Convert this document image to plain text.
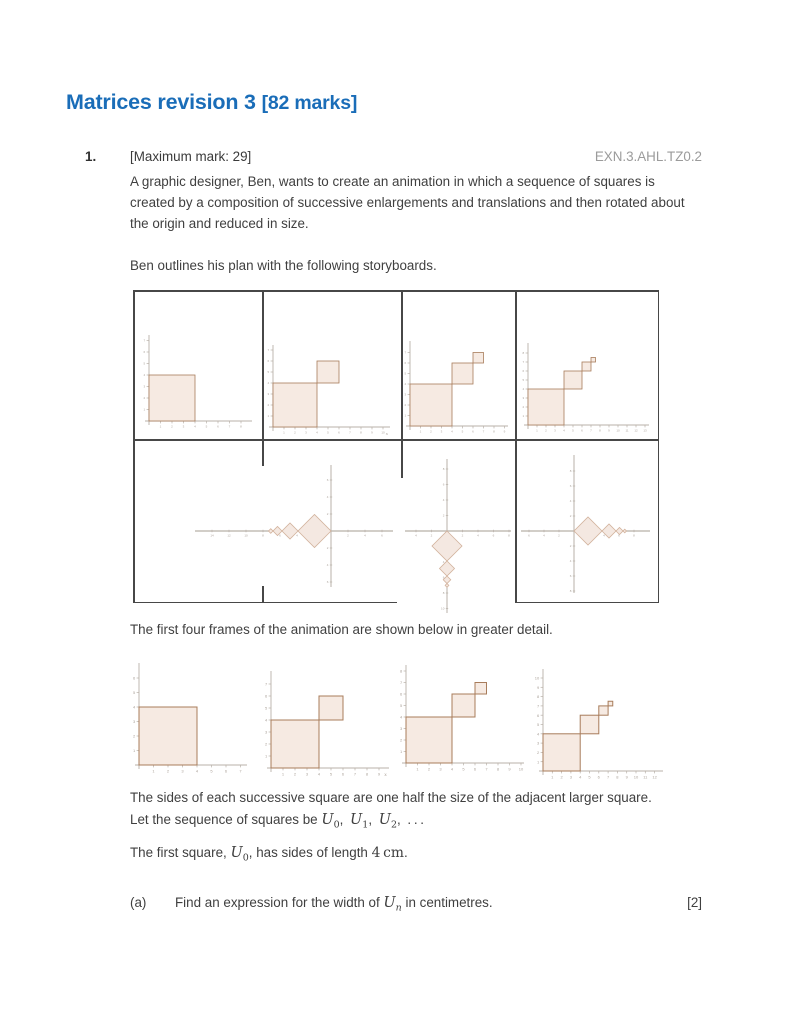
Matrices revision 3 [82 marks]
1.	[Maximum mark: 29]	EXN.3.AHL.TZ0.2
A graphic designer, Ben, wants to create an animation in which a sequence of squares is created by a composition of successive enlargements and translations and then rotated about the origin and reduced in size.
Ben outlines his plan with the following storyboards.
1	2	3	4	5	6	7	8
1
2
3
4
5
6
7
1	2	3	4	5	6	7	8	9	10
1
2
3
4
5
6
7
x	1	2	3	4	5	6	7	8	9
1
2
3
4
5
6
7
1 2 3 4 5 6 7 8 9 10 11 12 13
1
2
3
4
5
6
7
8
2	4	6
4
6
8
10
12
14
2
4
6
2
4
6
2	4	6	8
2
4
2
4
6
8
4
6
8
10
4	6	8
2
4
6
2
4
6
8
2
4
6
8
The first four frames of the animation are shown below in greater detail.
1	2	3	4	5	6	7
1
2
3
4
5
6
1 2 3 4 5 6 7 8 9
1
2
3
4
5
6
7
x
1 2 3 4 5 6 7 8 9 10
1
2
3
4
5
6
7
8
1 2 3 4 5 6 7 8 9 10 11 12
1
2
3
4
5
6
7
8
9
10
The sides of each successive square are one half the size of the adjacent larger square.
Let the sequence of squares be $U_0$, $U_1$, $U_2$, . . .
The first square, $U_0$, has sides of length 4 cm.
(a)	Find an expression for the width of $U_n$ in centimetres.	[2]
